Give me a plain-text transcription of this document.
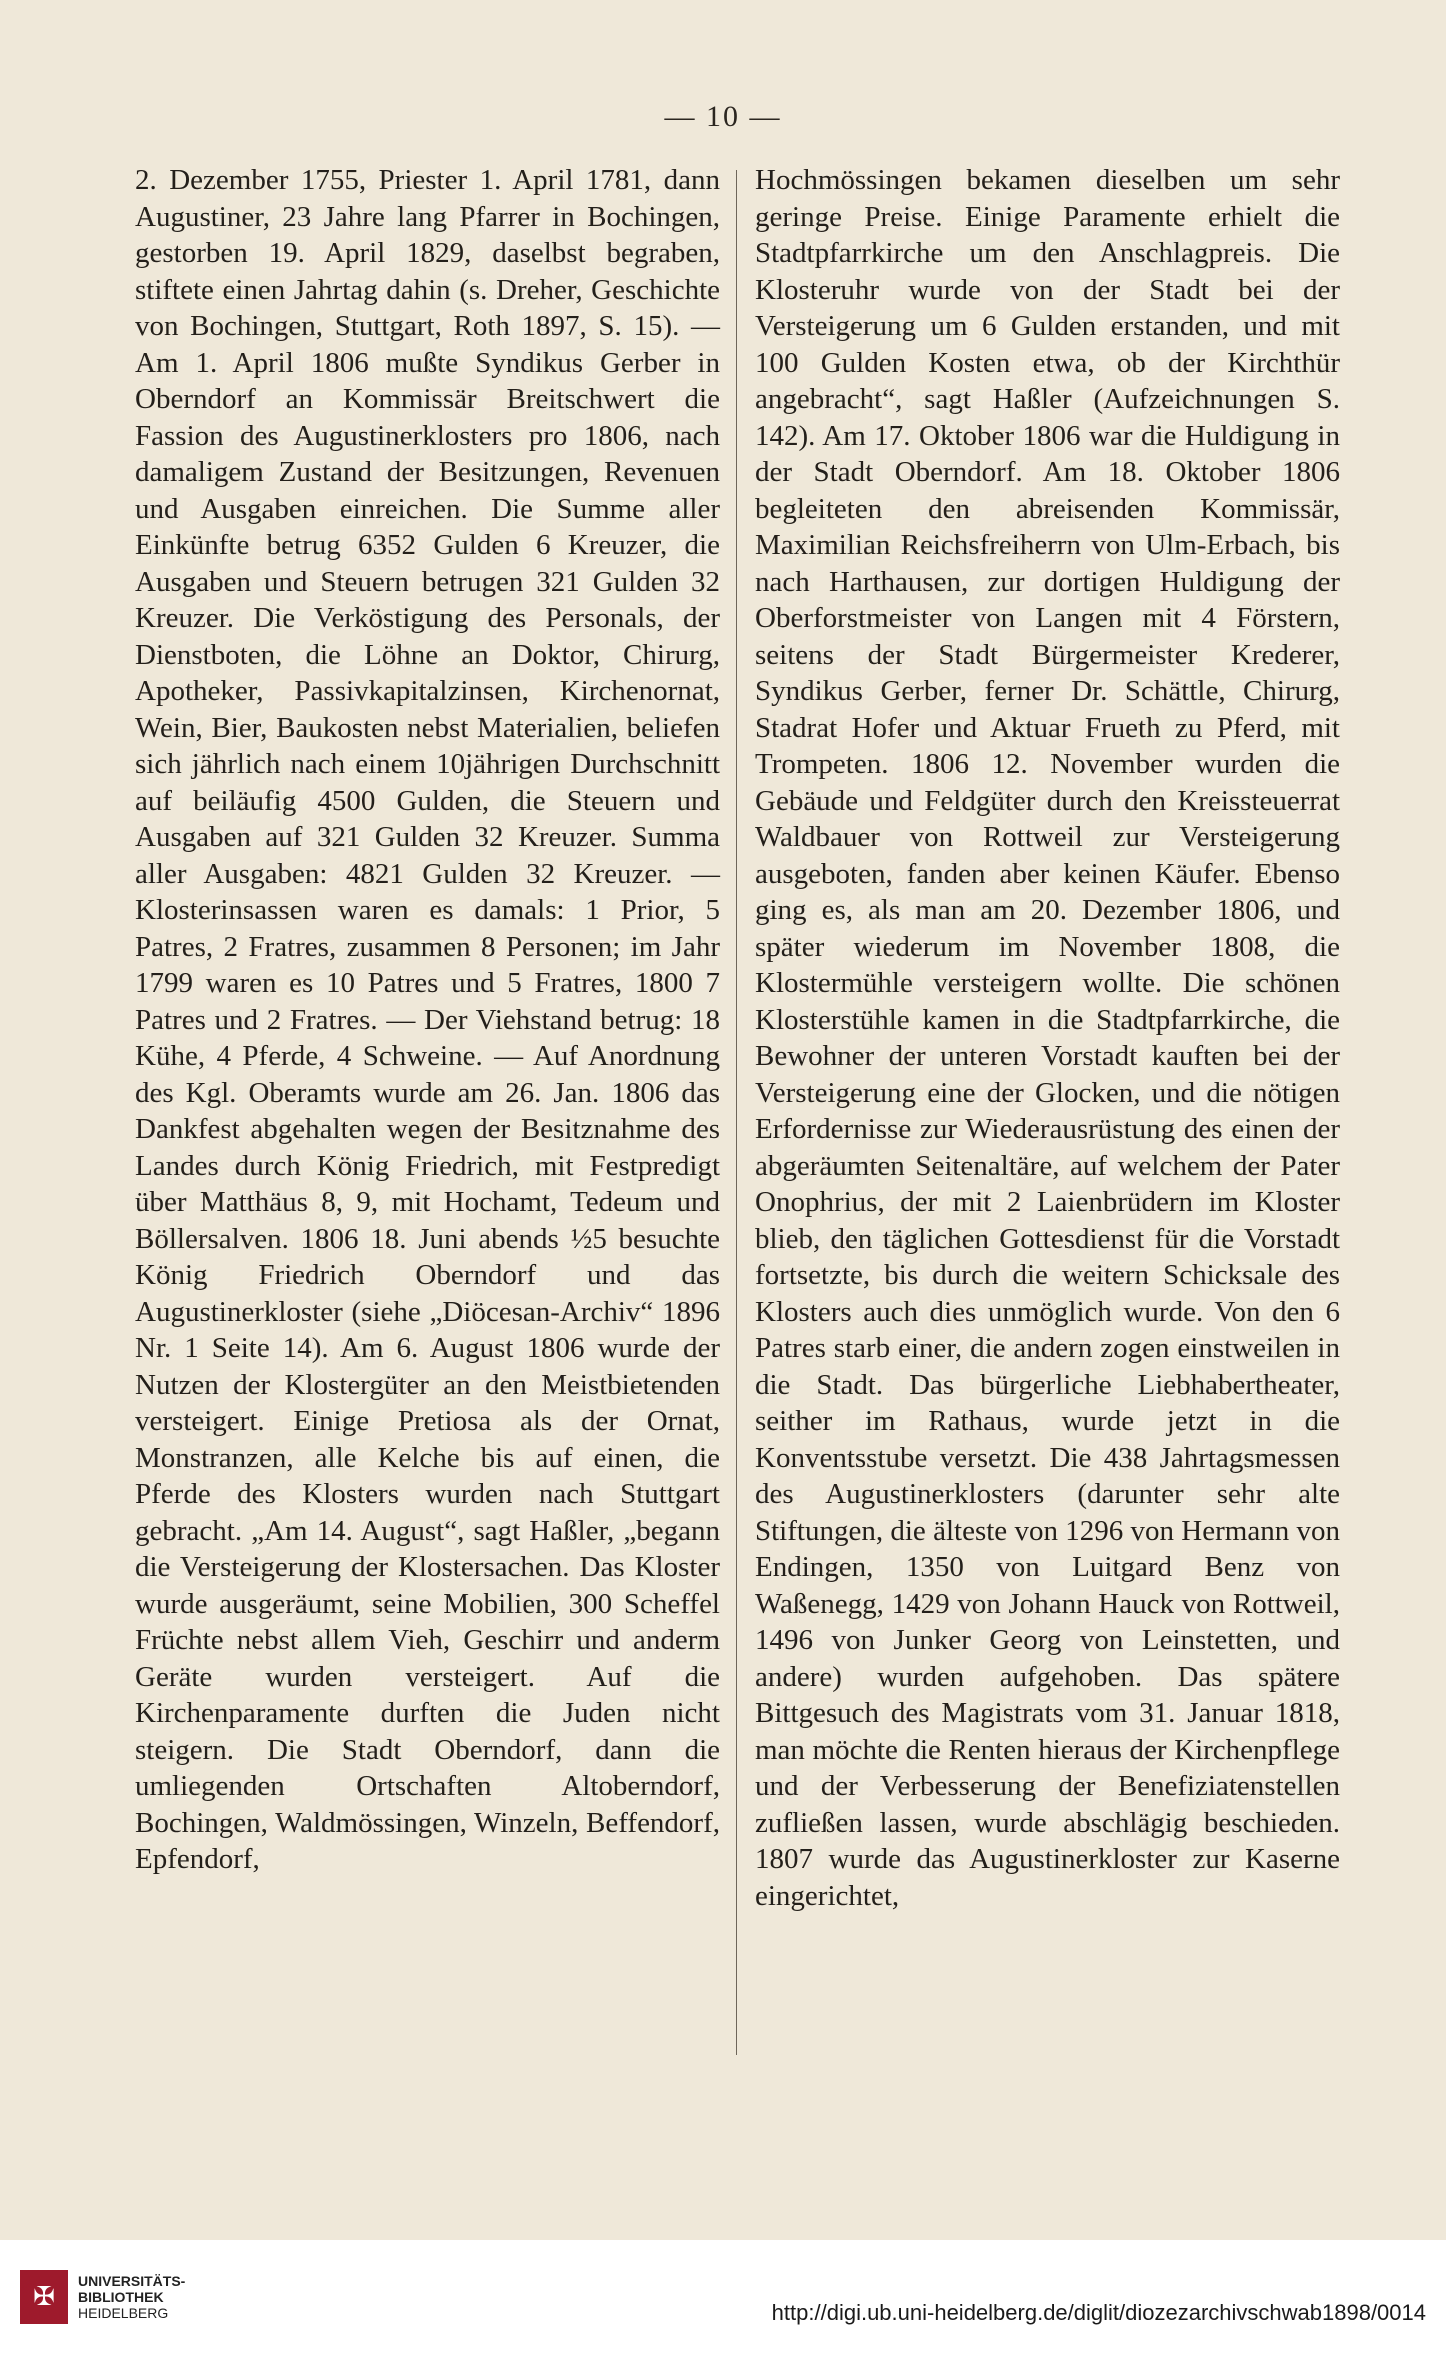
— 10 —

2. Dezember 1755, Priester 1. April 1781, dann Augustiner, 23 Jahre lang Pfarrer in Bochingen, gestorben 19. April 1829, daselbst begraben, stiftete einen Jahrtag dahin (s. Dreher, Geschichte von Bochingen, Stuttgart, Roth 1897, S. 15). — Am 1. April 1806 mußte Syndikus Gerber in Oberndorf an Kommissär Breitschwert die Fassion des Augustinerklosters pro 1806, nach damaligem Zustand der Besitzungen, Revenuen und Ausgaben einreichen. Die Summe aller Einkünfte betrug 6352 Gulden 6 Kreuzer, die Ausgaben und Steuern betrugen 321 Gulden 32 Kreuzer. Die Verköstigung des Personals, der Dienstboten, die Löhne an Doktor, Chirurg, Apotheker, Passivkapitalzinsen, Kirchenornat, Wein, Bier, Baukosten nebst Materialien, beliefen sich jährlich nach einem 10jährigen Durchschnitt auf beiläufig 4500 Gulden, die Steuern und Ausgaben auf 321 Gulden 32 Kreuzer. Summa aller Ausgaben: 4821 Gulden 32 Kreuzer. — Klosterinsassen waren es damals: 1 Prior, 5 Patres, 2 Fratres, zusammen 8 Personen; im Jahr 1799 waren es 10 Patres und 5 Fratres, 1800 7 Patres und 2 Fratres. — Der Viehstand betrug: 18 Kühe, 4 Pferde, 4 Schweine. — Auf Anordnung des Kgl. Oberamts wurde am 26. Jan. 1806 das Dankfest abgehalten wegen der Besitznahme des Landes durch König Friedrich, mit Festpredigt über Matthäus 8, 9, mit Hochamt, Tedeum und Böllersalven. 1806 18. Juni abends ½5 besuchte König Friedrich Oberndorf und das Augustinerkloster (siehe „Diöcesan-Archiv“ 1896 Nr. 1 Seite 14). Am 6. August 1806 wurde der Nutzen der Klostergüter an den Meistbietenden versteigert. Einige Pretiosa als der Ornat, Monstranzen, alle Kelche bis auf einen, die Pferde des Klosters wurden nach Stuttgart gebracht. „Am 14. August“, sagt Haßler, „begann die Versteigerung der Klostersachen. Das Kloster wurde ausgeräumt, seine Mobilien, 300 Scheffel Früchte nebst allem Vieh, Geschirr und anderm Geräte wurden versteigert. Auf die Kirchenparamente durften die Juden nicht steigern. Die Stadt Oberndorf, dann die umliegenden Ortschaften Altoberndorf, Bochingen, Waldmössingen, Winzeln, Beffendorf, Epfendorf,

Hochmössingen bekamen dieselben um sehr geringe Preise. Einige Paramente erhielt die Stadtpfarrkirche um den Anschlagpreis. Die Klosteruhr wurde von der Stadt bei der Versteigerung um 6 Gulden erstanden, und mit 100 Gulden Kosten etwa, ob der Kirchthür angebracht“, sagt Haßler (Aufzeichnungen S. 142). Am 17. Oktober 1806 war die Huldigung in der Stadt Oberndorf. Am 18. Oktober 1806 begleiteten den abreisenden Kommissär, Maximilian Reichsfreiherrn von Ulm-Erbach, bis nach Harthausen, zur dortigen Huldigung der Oberforstmeister von Langen mit 4 Förstern, seitens der Stadt Bürgermeister Krederer, Syndikus Gerber, ferner Dr. Schättle, Chirurg, Stadrat Hofer und Aktuar Frueth zu Pferd, mit Trompeten. 1806 12. November wurden die Gebäude und Feldgüter durch den Kreissteuerrat Waldbauer von Rottweil zur Versteigerung ausgeboten, fanden aber keinen Käufer. Ebenso ging es, als man am 20. Dezember 1806, und später wiederum im November 1808, die Klostermühle versteigern wollte. Die schönen Klosterstühle kamen in die Stadtpfarrkirche, die Bewohner der unteren Vorstadt kauften bei der Versteigerung eine der Glocken, und die nötigen Erfordernisse zur Wiederausrüstung des einen der abgeräumten Seitenaltäre, auf welchem der Pater Onophrius, der mit 2 Laienbrüdern im Kloster blieb, den täglichen Gottesdienst für die Vorstadt fortsetzte, bis durch die weitern Schicksale des Klosters auch dies unmöglich wurde. Von den 6 Patres starb einer, die andern zogen einstweilen in die Stadt. Das bürgerliche Liebhabertheater, seither im Rathaus, wurde jetzt in die Konventsstube versetzt. Die 438 Jahrtagsmessen des Augustinerklosters (darunter sehr alte Stiftungen, die älteste von 1296 von Hermann von Endingen, 1350 von Luitgard Benz von Waßenegg, 1429 von Johann Hauck von Rottweil, 1496 von Junker Georg von Leinstetten, und andere) wurden aufgehoben. Das spätere Bittgesuch des Magistrats vom 31. Januar 1818, man möchte die Renten hieraus der Kirchenpflege und der Verbesserung der Benefiziatenstellen zufließen lassen, wurde abschlägig beschieden. 1807 wurde das Augustinerkloster zur Kaserne eingerichtet,

✠
UNIVERSITÄTS-
BIBLIOTHEK
HEIDELBERG	http://digi.ub.uni-heidelberg.de/diglit/diozezarchivschwab1898/0014
